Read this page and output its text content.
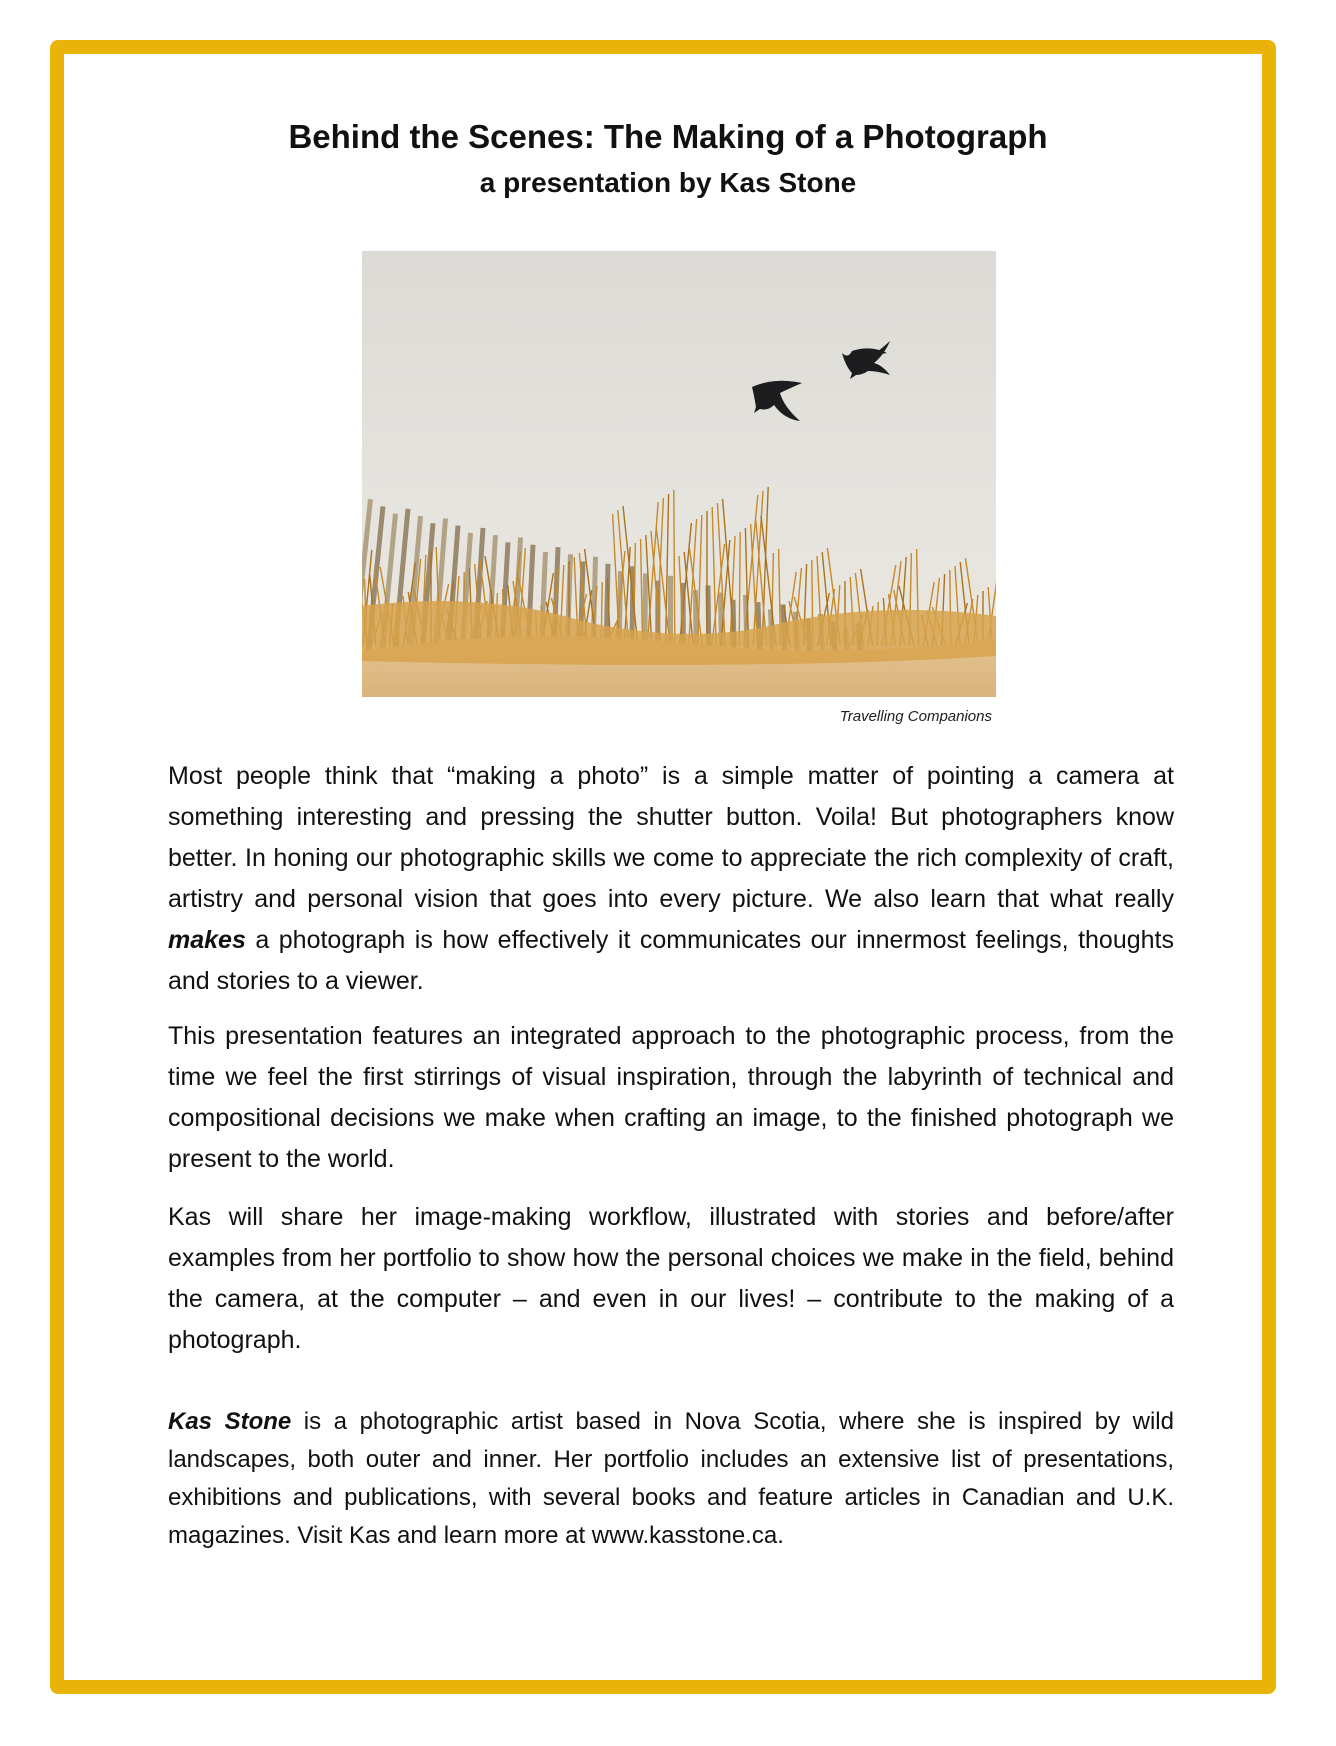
Behind the Scenes: The Making of a Photograph
a presentation by Kas Stone
Travelling Companions

Most people think that “making a photo” is a simple matter of pointing a camera at something interesting and pressing the shutter button. Voila! But photographers know better. In honing our photographic skills we come to appreciate the rich complexity of craft, artistry and personal vision that goes into every picture. We also learn that what really makes a photograph is how effectively it communicates our innermost feelings, thoughts and stories to a viewer.

This presentation features an integrated approach to the photographic process, from the time we feel the first stirrings of visual inspiration, through the labyrinth of technical and compositional decisions we make when crafting an image, to the finished photograph we present to the world.

Kas will share her image-making workflow, illustrated with stories and before/after examples from her portfolio to show how the personal choices we make in the field, behind the camera, at the computer – and even in our lives! – contribute to the making of a photograph.

Kas Stone is a photographic artist based in Nova Scotia, where she is inspired by wild landscapes, both outer and inner. Her portfolio includes an extensive list of presentations, exhibitions and publications, with several books and feature articles in Canadian and U.K. magazines. Visit Kas and learn more at www.kasstone.ca.
